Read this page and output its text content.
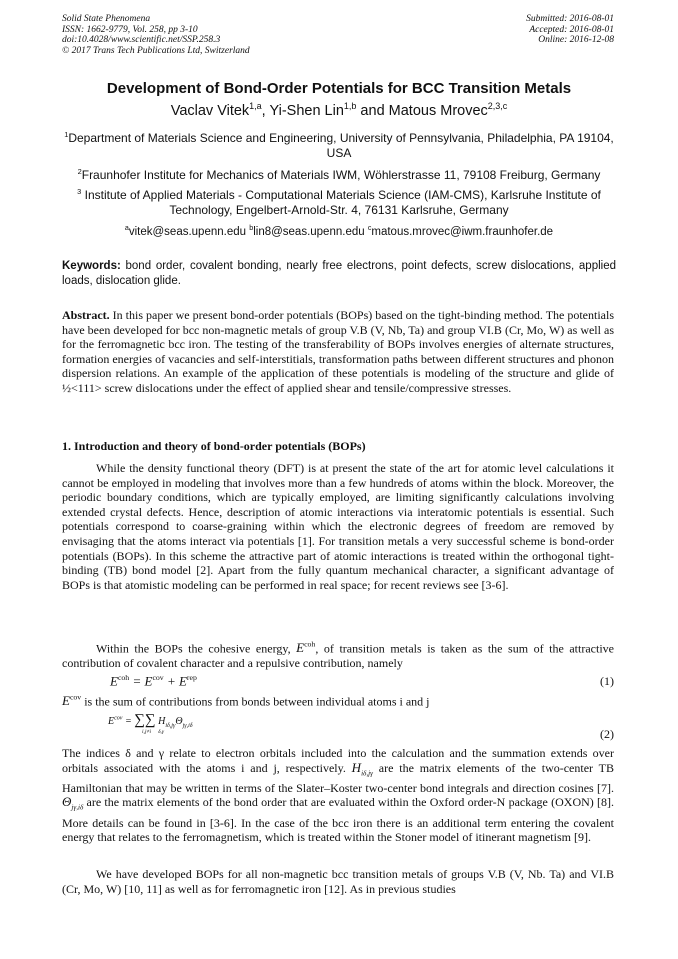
Solid State Phenomena
ISSN: 1662-9779, Vol. 258, pp 3-10
doi:10.4028/www.scientific.net/SSP.258.3
© 2017 Trans Tech Publications Ltd, Switzerland
Submitted: 2016-08-01
Accepted: 2016-08-01
Online: 2016-12-08
Development of Bond-Order Potentials for BCC Transition Metals
Vaclav Vitek$^{1,a}$, Yi-Shen Lin$^{1,b}$ and Matous Mrovec$^{2,3,c}$
$^1$Department of Materials Science and Engineering, University of Pennsylvania, Philadelphia, PA 19104, USA
$^2$Fraunhofer Institute for Mechanics of Materials IWM, Wöhlerstrasse 11, 79108 Freiburg, Germany
$^3$ Institute of Applied Materials - Computational Materials Science (IAM-CMS), Karlsruhe Institute of Technology, Engelbert-Arnold-Str. 4, 76131 Karlsruhe, Germany
$^a$vitek@seas.upenn.edu $^b$lin8@seas.upenn.edu $^c$matous.mrovec@iwm.fraunhofer.de
Keywords: bond order, covalent bonding, nearly free electrons, point defects, screw dislocations, applied loads, dislocation glide.
Abstract. In this paper we present bond-order potentials (BOPs) based on the tight-binding method. The potentials have been developed for bcc non-magnetic metals of group V.B (V, Nb, Ta) and group VI.B (Cr, Mo, W) as well as for the ferromagnetic bcc iron. The testing of the transferability of BOPs involves energies of alternate structures, formation energies of vacancies and self-interstitials, transformation paths between different structures and phonon dispersion relations. An example of the application of these potentials is modeling of the structure and glide of ½<111> screw dislocations under the effect of applied shear and tensile/compressive stresses.
1. Introduction and theory of bond-order potentials (BOPs)
While the density functional theory (DFT) is at present the state of the art for atomic level calculations it cannot be employed in modeling that involves more than a few hundreds of atoms within the block. Moreover, the periodic boundary conditions, which are typically employed, are limiting significantly calculations involving extended crystal defects. Hence, description of atomic interactions via interatomic potentials is essential. Such potentials correspond to coarse-graining within which the electronic degrees of freedom are removed by envisaging that the atoms interact via potentials [1]. For transition metals a very successful scheme is bond-order potentials (BOPs). In this scheme the attractive part of atomic interactions is treated within the orthogonal tight-binding (TB) bond model [2]. Apart from the fully quantum mechanical character, a significant advantage of BOPs is that atomistic modeling can be performed in real space; for recent reviews see [3-6].
Within the BOPs the cohesive energy, $E^{coh}$, of transition metals is taken as the sum of the attractive contribution of covalent character and a repulsive contribution, namely
$E^{coh} = E^{cov} + E^{rep}$	(1)
$E^{cov}$ is the sum of contributions from bonds between individual atoms i and j
$E^{cov}$ = ∑∑ $H_{i\delta,j\gamma}\Theta_{j\gamma,i\delta}$
i,j≠i δ,γ	(2)
The indices δ and γ relate to electron orbitals included into the calculation and the summation extends over orbitals associated with the atoms i and j, respectively. $H_{i\delta,j\gamma}$ are the matrix elements of the two-center TB Hamiltonian that may be written in terms of the Slater–Koster two-center bond integrals and direction cosines [7]. $\Theta_{j\gamma,i\delta}$ are the matrix elements of the bond order that are evaluated within the Oxford order-N package (OXON) [8]. More details can be found in [3-6]. In the case of the bcc iron there is an additional term entering the covalent energy that relates to the ferromagnetism, which is treated within the Stoner model of itinerant magnetism [9].
We have developed BOPs for all non-magnetic bcc transition metals of groups V.B (V, Nb. Ta) and VI.B (Cr, Mo, W) [10, 11] as well as for ferromagnetic iron [12]. As in previous studies
